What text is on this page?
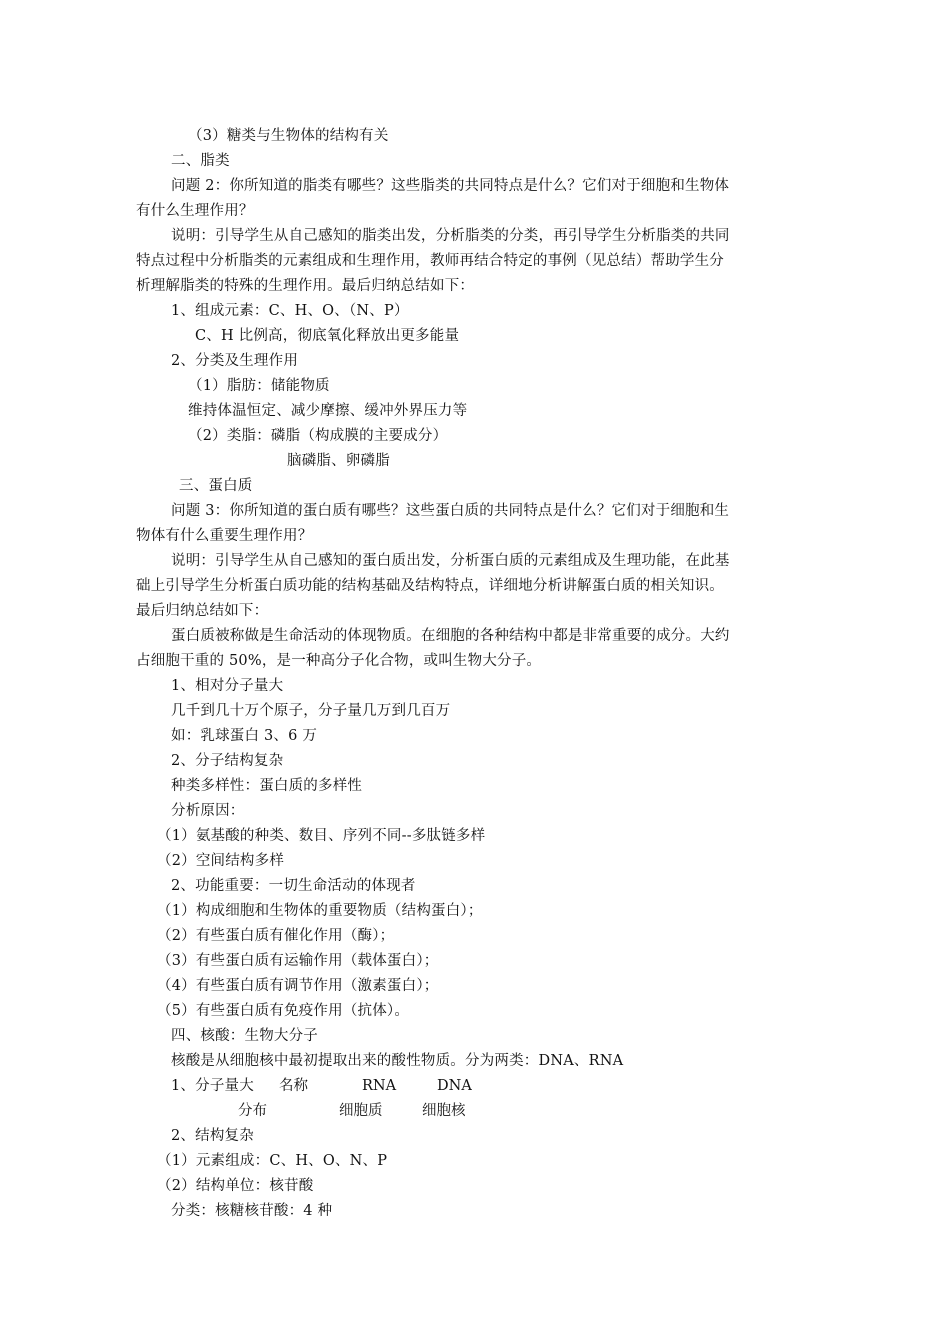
（3）糖类与生物体的结构有关
二、脂类
问题 2：你所知道的脂类有哪些？这些脂类的共同特点是什么？它们对于细胞和生物体
有什么生理作用？
说明：引导学生从自己感知的脂类出发，分析脂类的分类，再引导学生分析脂类的共同
特点过程中分析脂类的元素组成和生理作用，教师再结合特定的事例（见总结）帮助学生分
析理解脂类的特殊的生理作用。最后归纳总结如下：
1、组成元素：C、H、O、（N、P）
C、H 比例高，彻底氧化释放出更多能量
2、分类及生理作用
（1）脂肪：储能物质
维持体温恒定、减少摩擦、缓冲外界压力等
（2）类脂：磷脂（构成膜的主要成分）
脑磷脂、卵磷脂
三、蛋白质
问题 3：你所知道的蛋白质有哪些？这些蛋白质的共同特点是什么？它们对于细胞和生
物体有什么重要生理作用？
说明：引导学生从自己感知的蛋白质出发，分析蛋白质的元素组成及生理功能，在此基
础上引导学生分析蛋白质功能的结构基础及结构特点，详细地分析讲解蛋白质的相关知识。
最后归纳总结如下：
蛋白质被称做是生命活动的体现物质。在细胞的各种结构中都是非常重要的成分。大约
占细胞干重的 50%，是一种高分子化合物，或叫生物大分子。
1、相对分子量大
几千到几十万个原子，分子量几万到几百万
如：乳球蛋白 3、6 万
2、分子结构复杂
种类多样性：蛋白质的多样性
分析原因：
（1）氨基酸的种类、数目、序列不同--多肽链多样
（2）空间结构多样
2、功能重要：一切生命活动的体现者
（1）构成细胞和生物体的重要物质（结构蛋白）；
（2）有些蛋白质有催化作用（酶）；
（3）有些蛋白质有运输作用（载体蛋白）；
（4）有些蛋白质有调节作用（激素蛋白）；
（5）有些蛋白质有免疫作用（抗体）。
四、核酸：生物大分子
核酸是从细胞核中最初提取出来的酸性物质。分为两类：DNA、RNA
1、分子量大 名称	RNA	DNA
分布	细胞质	细胞核
2、结构复杂
（1）元素组成：C、H、O、N、P
（2）结构单位：核苷酸
分类：核糖核苷酸：4 种
